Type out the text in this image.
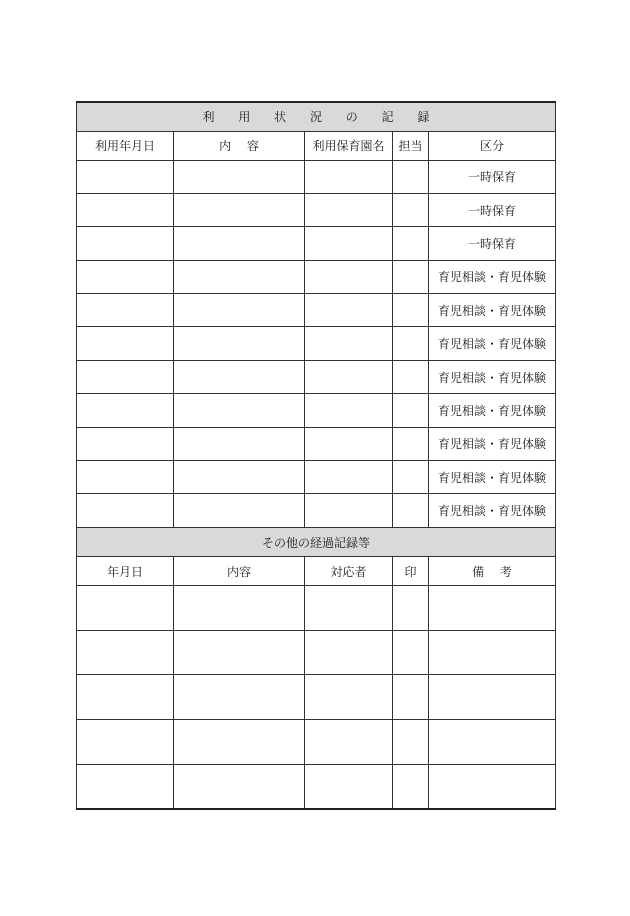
利 用 状 況 の 記 録				
利用年月日	内 容	利用保育園名	担当	区分
				一時保育
				一時保育
				一時保育
				育児相談・育児体験
				育児相談・育児体験
				育児相談・育児体験
				育児相談・育児体験
				育児相談・育児体験
				育児相談・育児体験
				育児相談・育児体験
				育児相談・育児体験
その他の経過記録等				
年月日	内容	対応者	印	備 考
